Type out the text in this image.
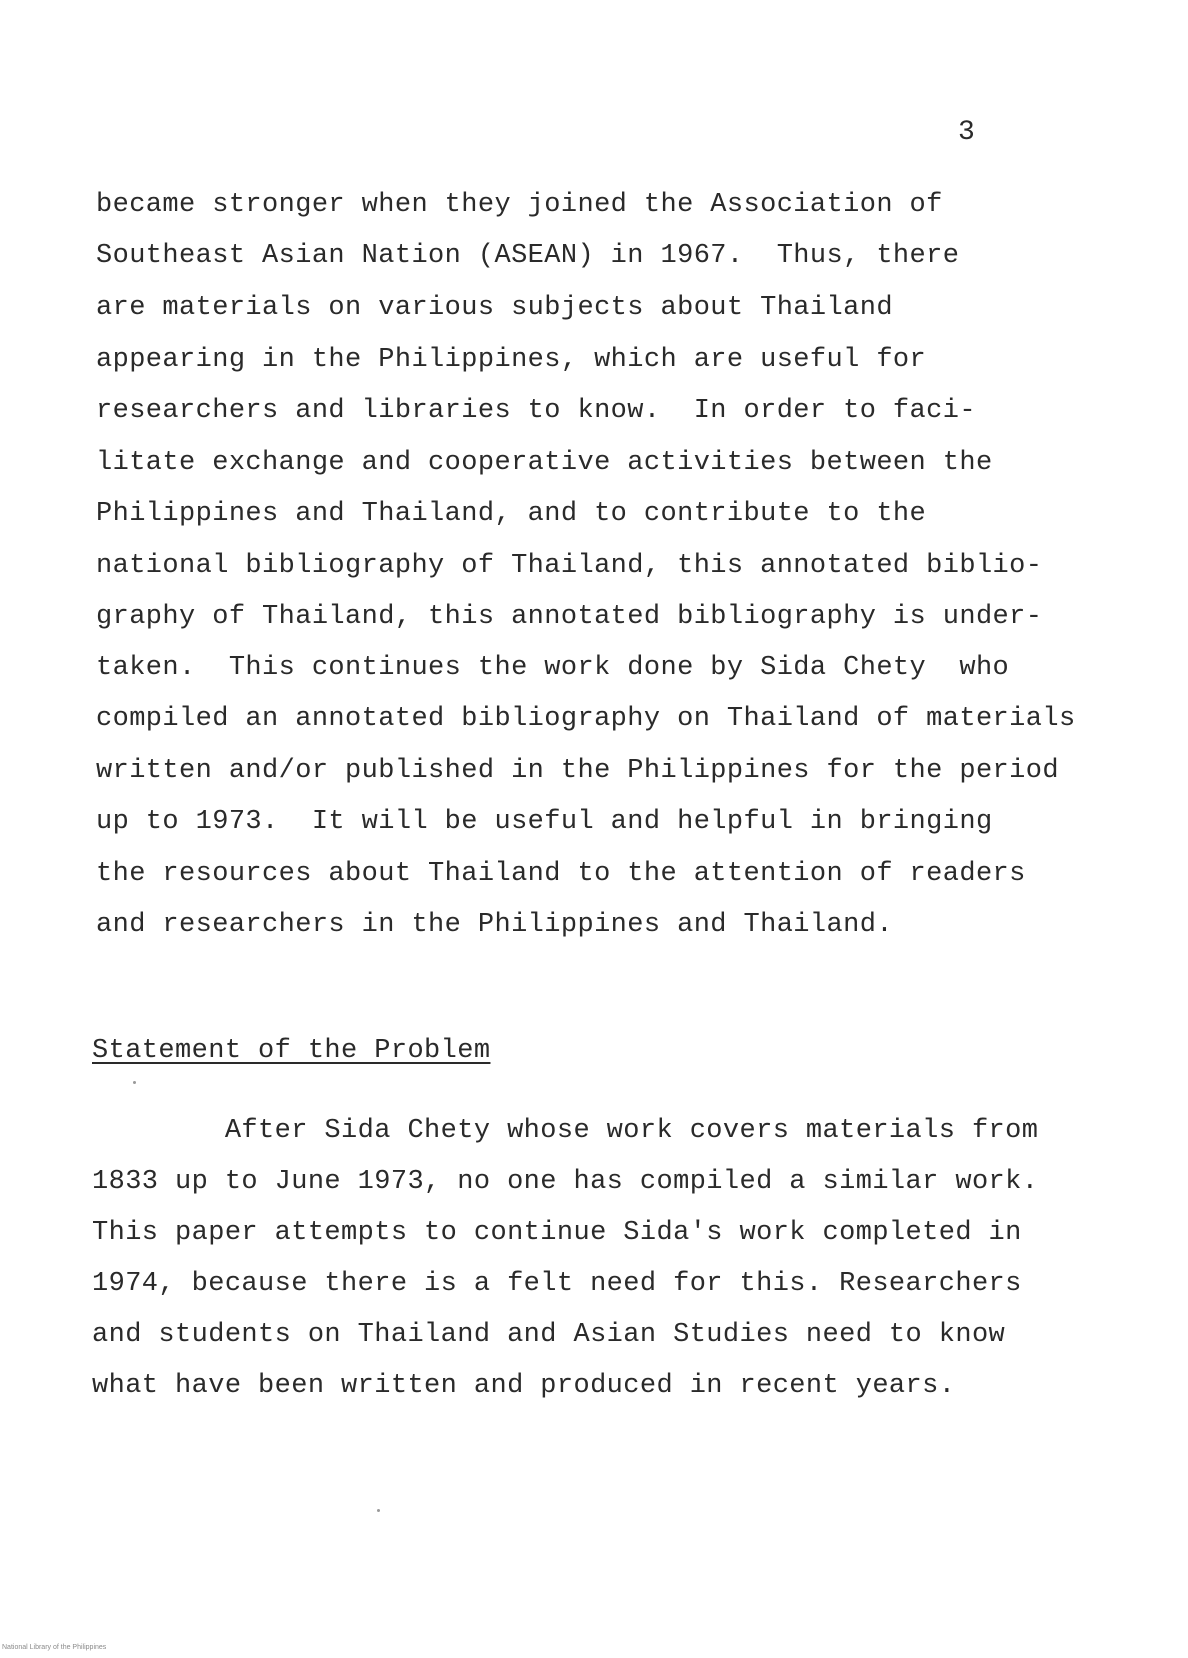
3
became stronger when they joined the Association of
Southeast Asian Nation (ASEAN) in 1967.  Thus, there
are materials on various subjects about Thailand
appearing in the Philippines, which are useful for
researchers and libraries to know.  In order to faci-
litate exchange and cooperative activities between the
Philippines and Thailand, and to contribute to the
national bibliography of Thailand, this annotated biblio-
graphy of Thailand, this annotated bibliography is under-
taken.  This continues the work done by Sida Chety  who
compiled an annotated bibliography on Thailand of materials
written and/or published in the Philippines for the period
up to 1973.  It will be useful and helpful in bringing
the resources about Thailand to the attention of readers
and researchers in the Philippines and Thailand.
Statement of the Problem
After Sida Chety whose work covers materials from
1833 up to June 1973, no one has compiled a similar work.
This paper attempts to continue Sida's work completed in
1974, because there is a felt need for this. Researchers
and students on Thailand and Asian Studies need to know
what have been written and produced in recent years.
National Library of the Philippines
